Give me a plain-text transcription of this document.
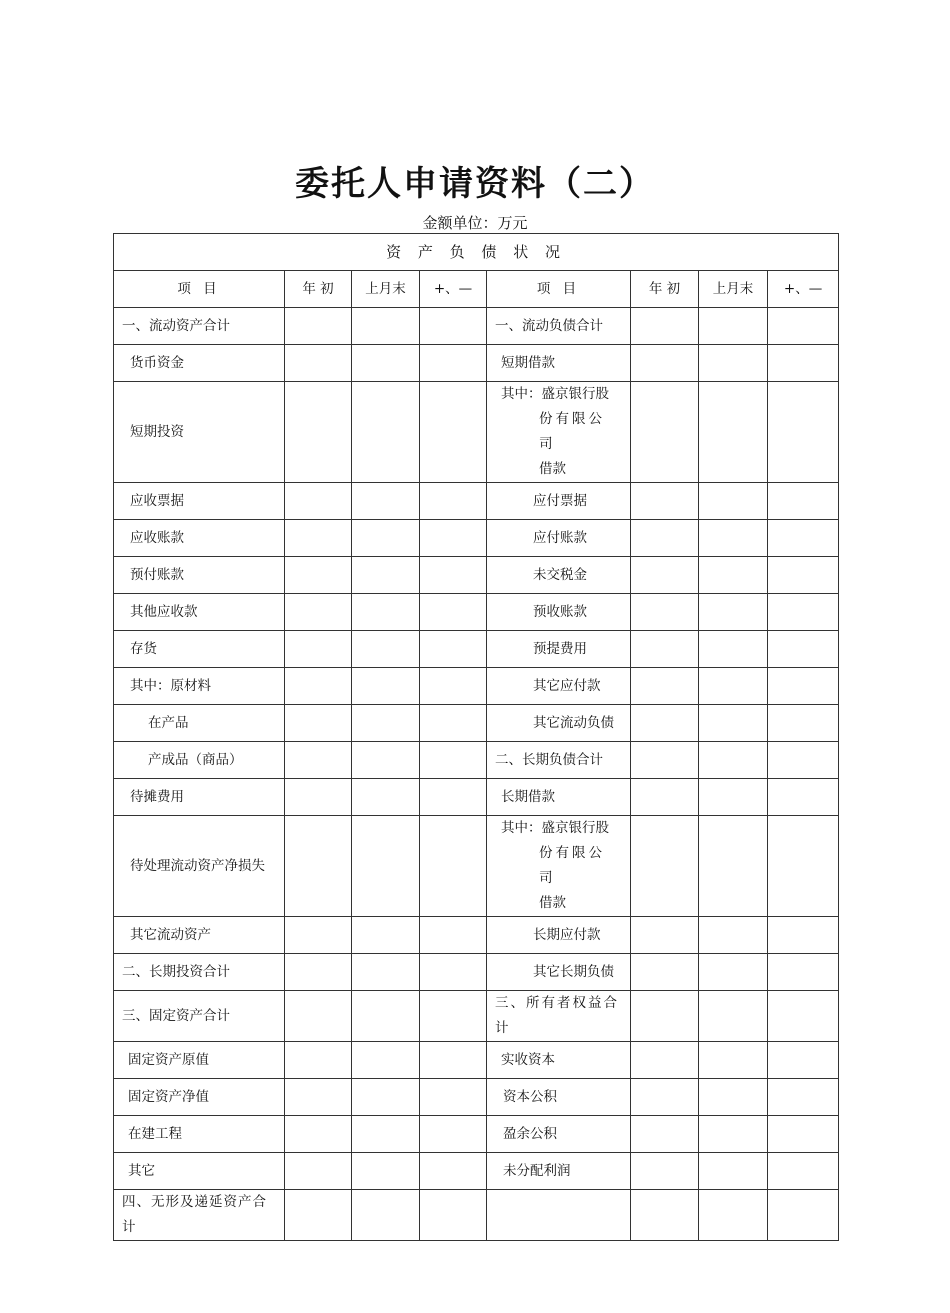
委托人申请资料（二）
金额单位：万元
资 产 负 债 状 况							
项 目	年 初	上月末	+、—	项 目	年 初	上月末	+、—
一、流动资产合计				一、流动负债合计			
货币资金				短期借款			
短期投资				其中：盛京银行股
份有限公司
借款			

应收票据				应付票据			
应收账款				应付账款			
预付账款				未交税金			
其他应收款				预收账款			
存货				预提费用			
其中：原材料				其它应付款			
在产品				其它流动负债			
产成品（商品）				二、长期负债合计			
待摊费用				长期借款			
待处理流动资产净损失				其中：盛京银行股
份有限公司
借款			

其它流动资产				长期应付款			
二、长期投资合计				其它长期负债			
三、固定资产合计				三、所有者权益合
计			

固定资产原值				实收资本			
固定资产净值				资本公积			
在建工程				盈余公积			
其它				未分配利润			

四、无形及递延资产合
计							
